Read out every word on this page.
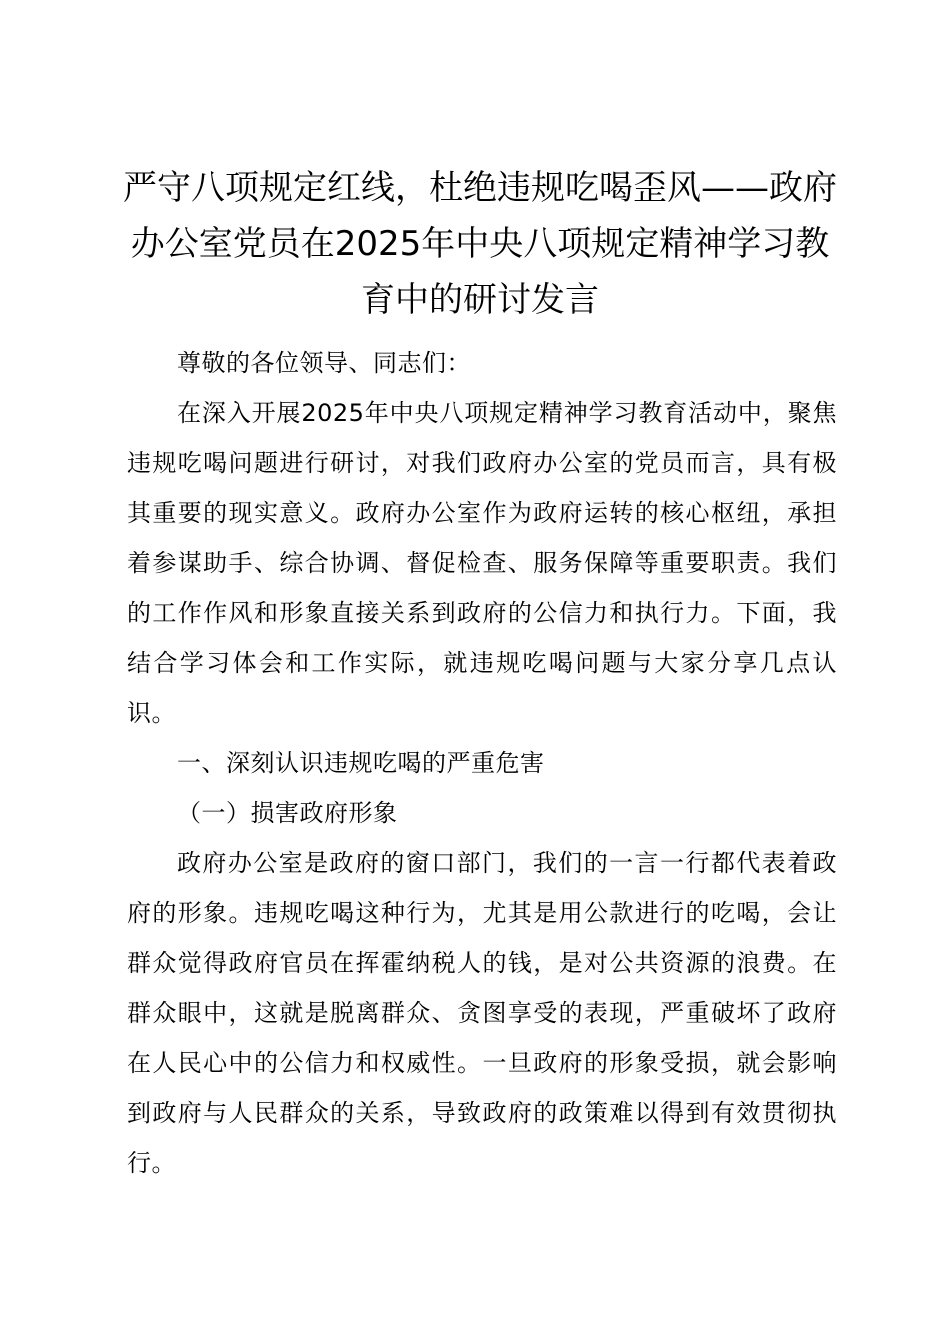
严守八项规定红线，杜绝违规吃喝歪风——政府办公室党员在2025年中央八项规定精神学习教育中的研讨发言

尊敬的各位领导、同志们：

在深入开展2025年中央八项规定精神学习教育活动中，聚焦违规吃喝问题进行研讨，对我们政府办公室的党员而言，具有极其重要的现实意义。政府办公室作为政府运转的核心枢纽，承担着参谋助手、综合协调、督促检查、服务保障等重要职责。我们的工作作风和形象直接关系到政府的公信力和执行力。下面，我结合学习体会和工作实际，就违规吃喝问题与大家分享几点认识。

一、深刻认识违规吃喝的严重危害

（一）损害政府形象

政府办公室是政府的窗口部门，我们的一言一行都代表着政府的形象。违规吃喝这种行为，尤其是用公款进行的吃喝，会让群众觉得政府官员在挥霍纳税人的钱，是对公共资源的浪费。在群众眼中，这就是脱离群众、贪图享受的表现，严重破坏了政府在人民心中的公信力和权威性。一旦政府的形象受损，就会影响到政府与人民群众的关系，导致政府的政策难以得到有效贯彻执行。
